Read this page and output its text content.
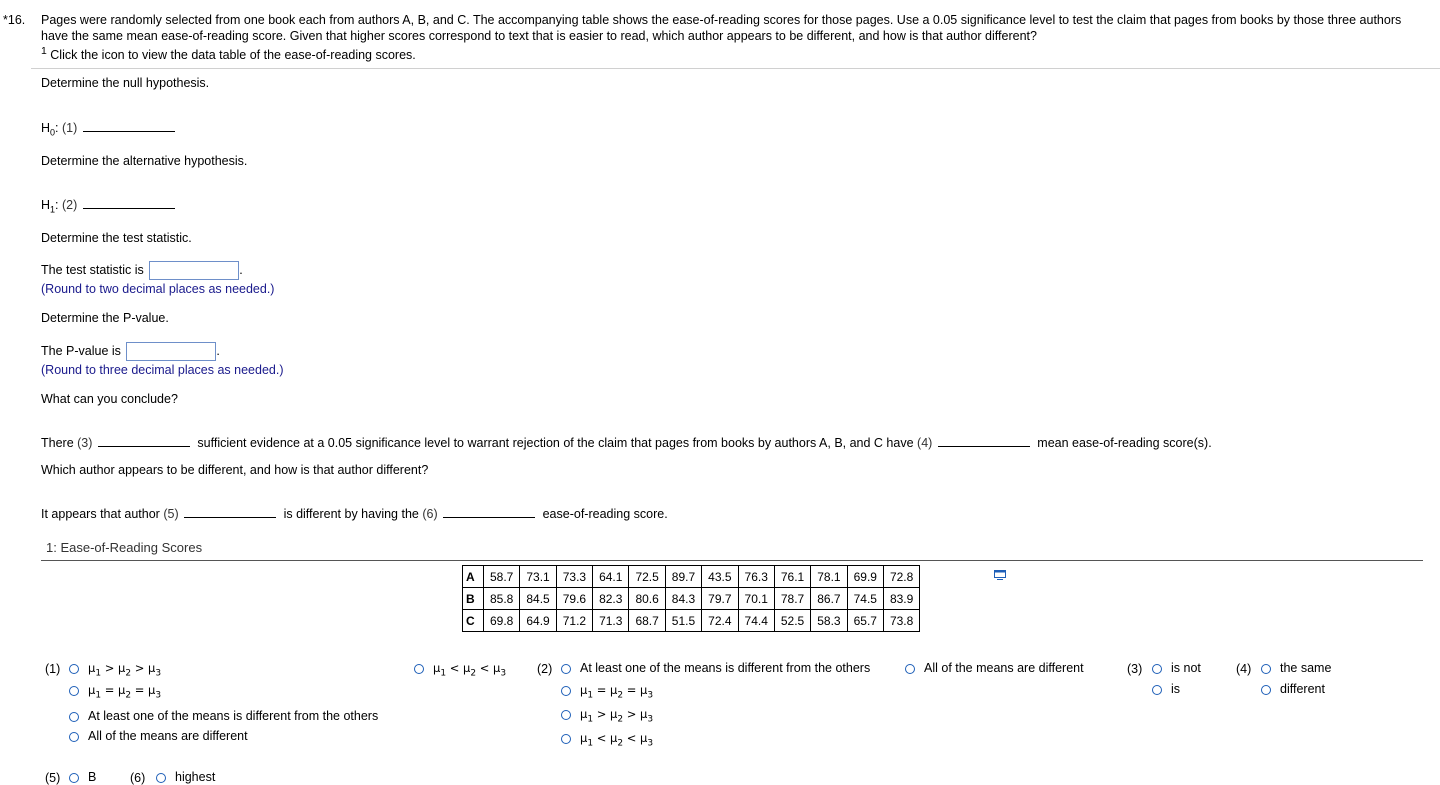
*16. Pages were randomly selected from one book each from authors A, B, and C. The accompanying table shows the ease-of-reading scores for those pages. Use a 0.05 significance level to test the claim that pages from books by those three authors have the same mean ease-of-reading score. Given that higher scores correspond to text that is easier to read, which author appears to be different, and how is that author different?

$^1$ Click the icon to view the data table of the ease-of-reading scores.

Determine the null hypothesis.
$H_0$: (1)
Determine the alternative hypothesis.
$H_1$: (2)
Determine the test statistic.
The test statistic is	.
(Round to two decimal places as needed.)
Determine the P-value.
The P-value is	.
(Round to three decimal places as needed.)
What can you conclude?
There (3)	sufficient evidence at a 0.05 significance level to warrant rejection of the claim that pages from books by authors A, B, and C have (4)	mean ease-of-reading score(s).
Which author appears to be different, and how is that author different?
It appears that author (5)	is different by having the (6)	ease-of-reading score.
1: Ease-of-Reading Scores
A	58.7	73.1	73.3	64.1	72.5	89.7	43.5	76.3	76.1	78.1	69.9	72.8
B	85.8	84.5	79.6	82.3	80.6	84.3	79.7	70.1	78.7	86.7	74.5	83.9
C	69.8	64.9	71.2	71.3	68.7	51.5	72.4	74.4	52.5	58.3	65.7	73.8
(1)	$\mu_1 > \mu_2 > \mu_3$
$\mu_1 = \mu_2 = \mu_3$
At least one of the means is different from the others
All of the means are different
$\mu_1 < \mu_2 < \mu_3$ (2)	At least one of the means is different from the others	All of the means are different
$\mu_1 = \mu_2 = \mu_3$
$\mu_1 > \mu_2 > \mu_3$
$\mu_1 < \mu_2 < \mu_3$
(3)	is not
is
(4)	the same
different
(5)	B	(6)	highest
